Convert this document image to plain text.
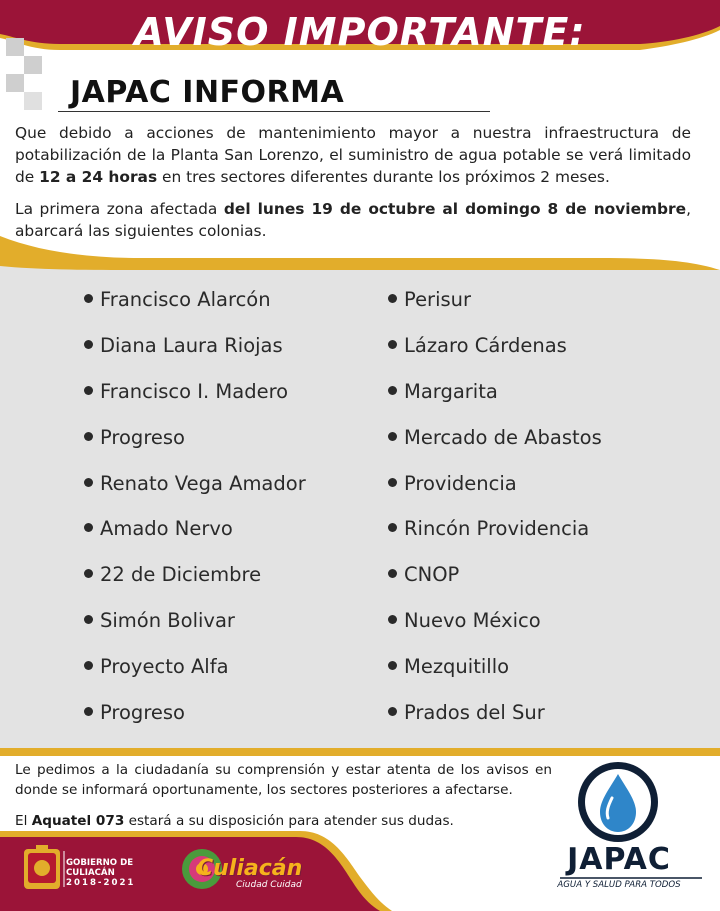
AVISO IMPORTANTE:
JAPAC INFORMA

Que debido a acciones de mantenimiento mayor a nuestra infraestructura de potabilización de la Planta San Lorenzo, el suministro de agua potable se verá limitado de 12 a 24 horas en tres sectores diferentes durante los próximos 2 meses.

La primera zona afectada del lunes 19 de octubre al domingo 8 de noviembre, abarcará las siguientes colonias.

Francisco Alarcón
Diana Laura Riojas
Francisco I. Madero
Progreso
Renato Vega Amador
Amado Nervo
22 de Diciembre
Simón Bolivar
Proyecto Alfa
Progreso
Perisur
Lázaro Cárdenas
Margarita
Mercado de Abastos
Providencia
Rincón Providencia
CNOP
Nuevo México
Mezquitillo
Prados del Sur

Le pedimos a la ciudadanía su comprensión y estar atenta de los avisos en donde se informará oportunamente, los sectores posteriores a afectarse.

El Aquatel 073 estará a su disposición para atender sus dudas.

GOBIERNO DE
CULIACÁN
2018-2021
Culiacán
Ciudad Cuidad
JAPAC
AGUA Y SALUD PARA TODOS
